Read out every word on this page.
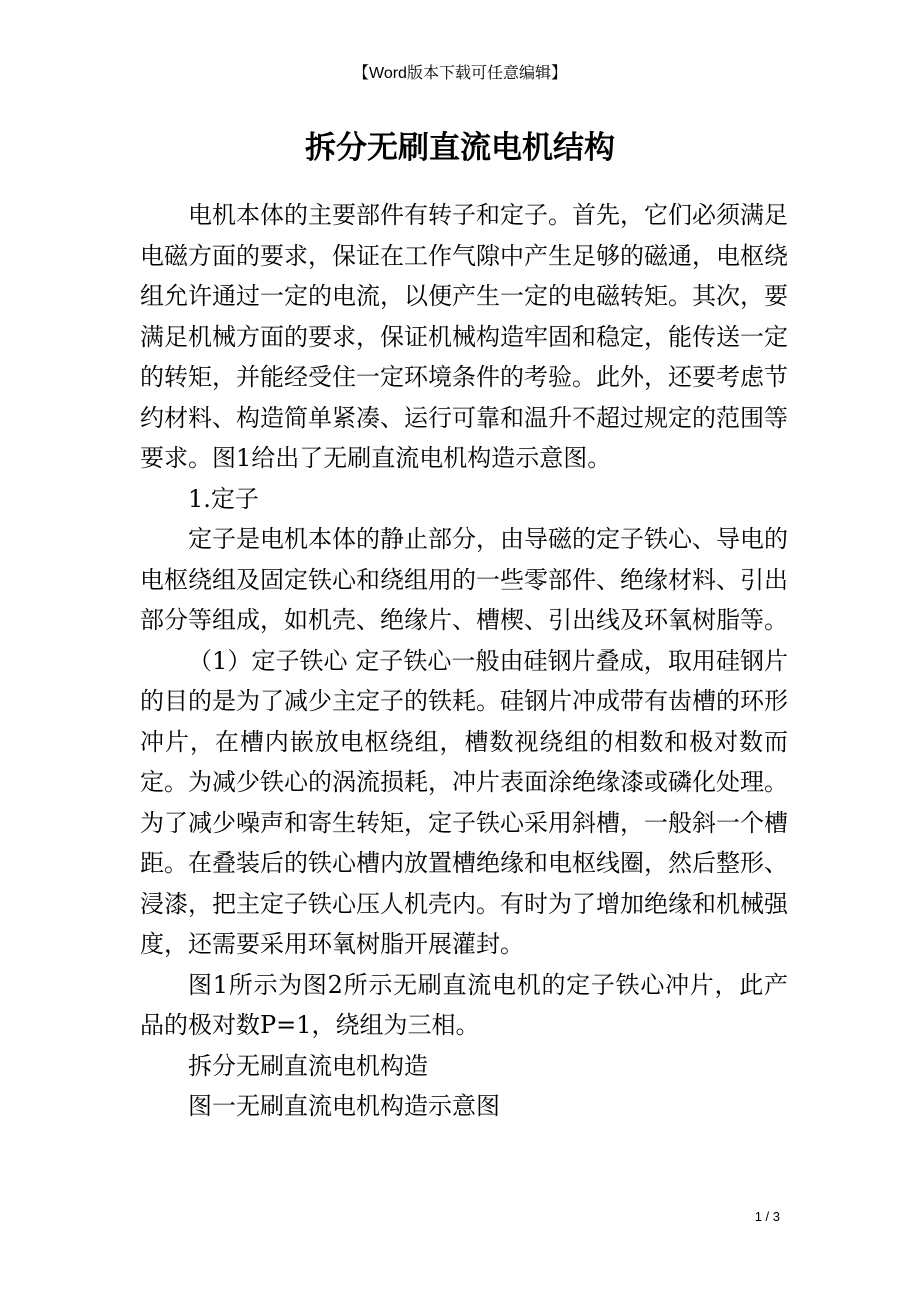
【Word版本下载可任意编辑】
拆分无刷直流电机结构

电机本体的主要部件有转子和定子。首先，它们必须满足电磁方面的要求，保证在工作气隙中产生足够的磁通，电枢绕组允许通过一定的电流，以便产生一定的电磁转矩。其次，要满足机械方面的要求，保证机械构造牢固和稳定，能传送一定的转矩，并能经受住一定环境条件的考验。此外，还要考虑节约材料、构造简单紧凑、运行可靠和温升不超过规定的范围等要求。图1给出了无刷直流电机构造示意图。

1.定子

定子是电机本体的静止部分，由导磁的定子铁心、导电的电枢绕组及固定铁心和绕组用的一些零部件、绝缘材料、引出部分等组成，如机壳、绝缘片、槽楔、引出线及环氧树脂等。

（1）定子铁心 定子铁心一般由硅钢片叠成，取用硅钢片的目的是为了减少主定子的铁耗。硅钢片冲成带有齿槽的环形冲片，在槽内嵌放电枢绕组，槽数视绕组的相数和极对数而定。为减少铁心的涡流损耗，冲片表面涂绝缘漆或磷化处理。为了减少噪声和寄生转矩，定子铁心采用斜槽，一般斜一个槽距。在叠装后的铁心槽内放置槽绝缘和电枢线圈，然后整形、浸漆，把主定子铁心压人机壳内。有时为了增加绝缘和机械强度，还需要采用环氧树脂开展灌封。

图1所示为图2所示无刷直流电机的定子铁心冲片，此产品的极对数P=1，绕组为三相。

拆分无刷直流电机构造

图一无刷直流电机构造示意图

1 / 3
